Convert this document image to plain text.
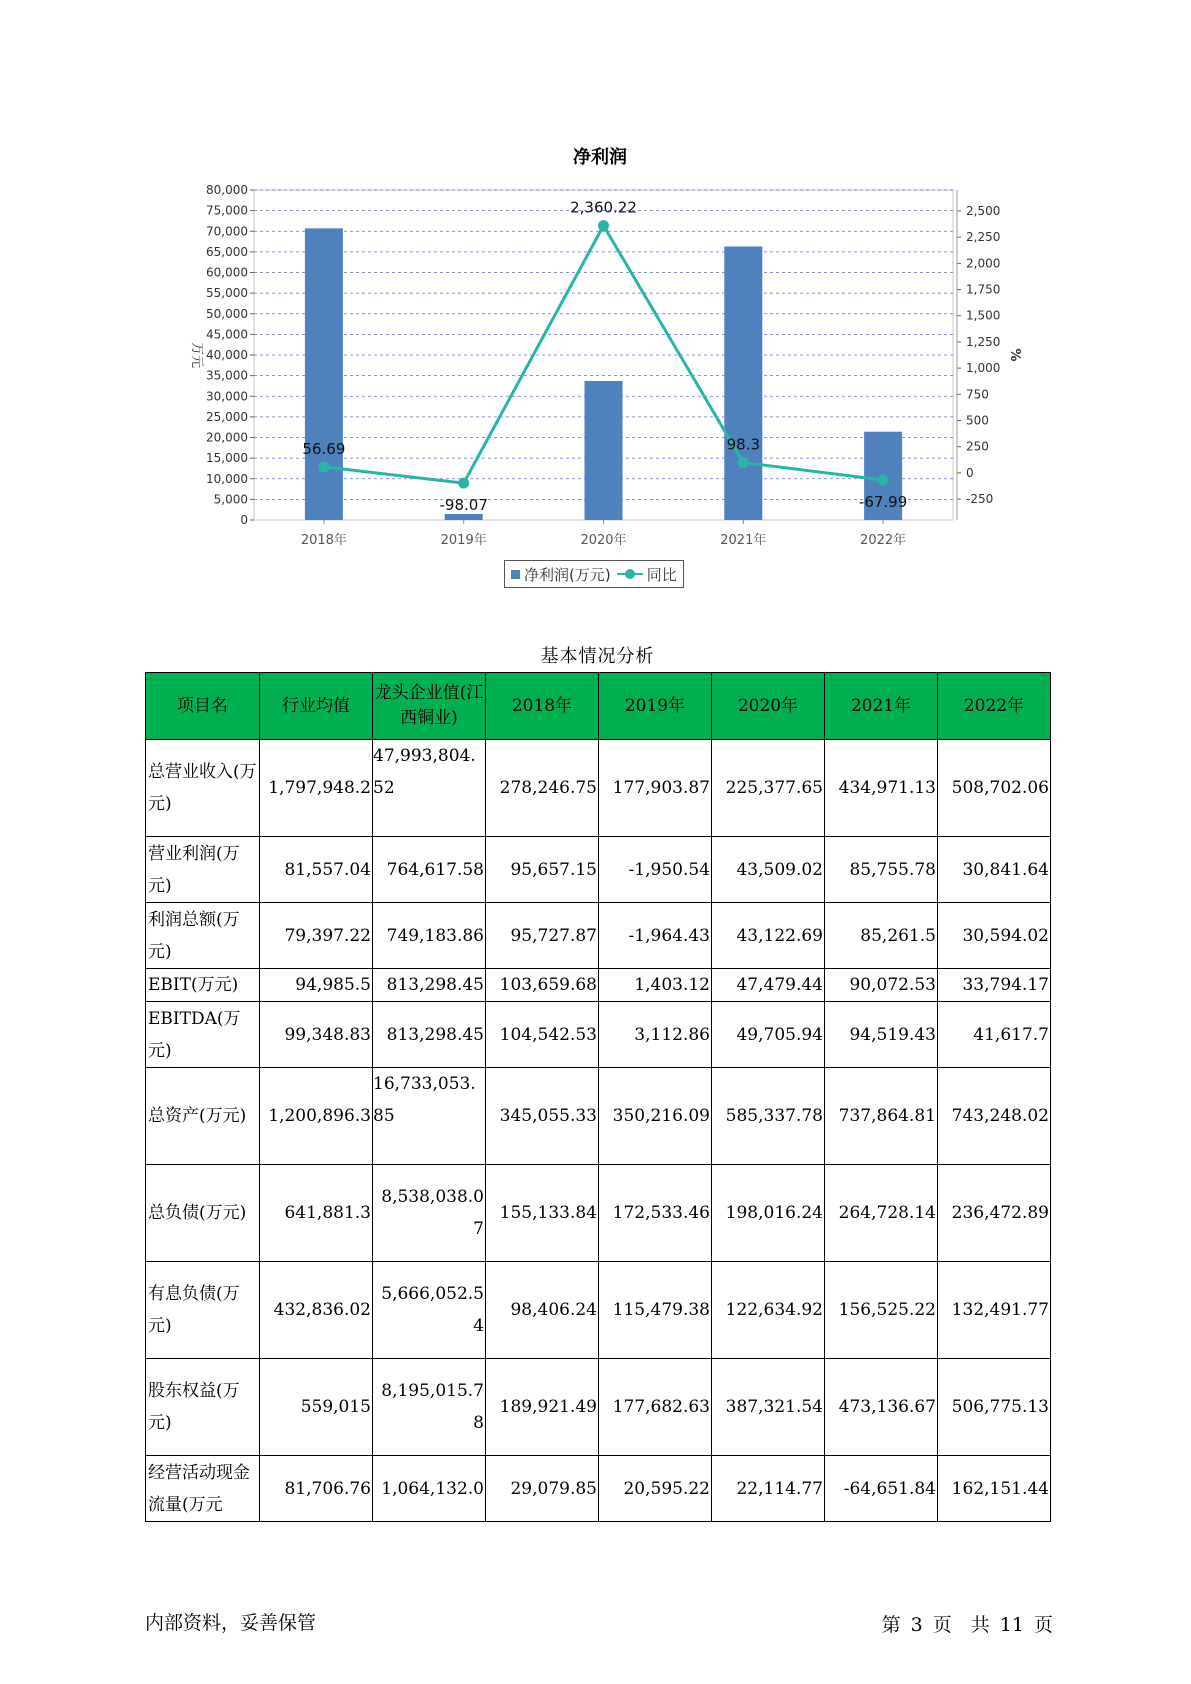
净利润
0
5,000
10,000
15,000
20,000
25,000
30,000
35,000
40,000
45,000
50,000
55,000
60,000
65,000
70,000
75,000
80,000
-250
0
250
500
750
1,000
1,250
1,500
1,750
2,000
2,250
2,500
万元	%
2018年	2019年	2020年	2021年	2022年
56.69
-98.07
2,360.22
98.3
-67.99
净利润(万元) 同比
基本情况分析
项目名	行业均值	龙头企业值(江西铜业)	2018年	2019年	2020年	2021年	2022年
总营业收入(万元)	1,797,948.2	47,993,804.52	278,246.75	177,903.87	225,377.65	434,971.13	508,702.06
营业利润(万元)	81,557.04	764,617.58	95,657.15	-1,950.54	43,509.02	85,755.78	30,841.64
利润总额(万元)	79,397.22	749,183.86	95,727.87	-1,964.43	43,122.69	85,261.5	30,594.02
EBIT(万元)	94,985.5	813,298.45	103,659.68	1,403.12	47,479.44	90,072.53	33,794.17
EBITDA(万元)	99,348.83	813,298.45	104,542.53	3,112.86	49,705.94	94,519.43	41,617.7
总资产(万元)	1,200,896.3	16,733,053.85	345,055.33	350,216.09	585,337.78	737,864.81	743,248.02
总负债(万元)	641,881.3	8,538,038.07	155,133.84	172,533.46	198,016.24	264,728.14	236,472.89
有息负债(万元)	432,836.02	5,666,052.54	98,406.24	115,479.38	122,634.92	156,525.22	132,491.77
股东权益(万元)	559,015	8,195,015.78	189,921.49	177,682.63	387,321.54	473,136.67	506,775.13
经营活动现金流量(万元	81,706.76	1,064,132.0	29,079.85	20,595.22	22,114.77	-64,651.84	162,151.44
内部资料，妥善保管	第 3 页　共 11 页
